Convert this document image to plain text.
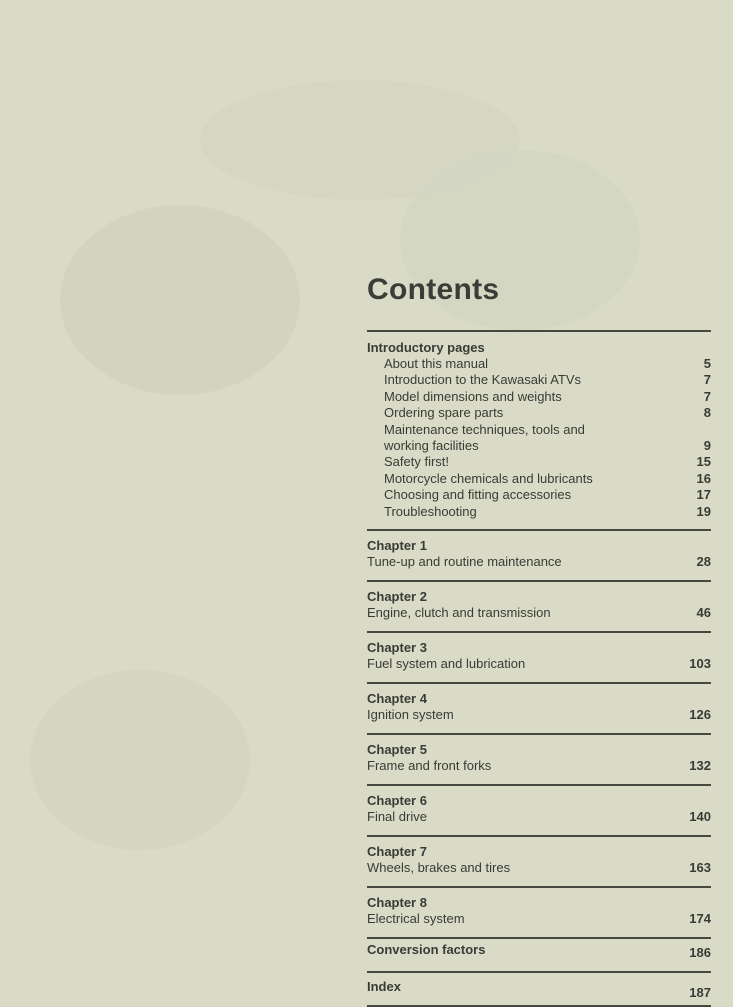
Contents
Introductory pages
About this manual	5
Introduction to the Kawasaki ATVs	7
Model dimensions and weights	7
Ordering spare parts	8
Maintenance techniques, tools and working facilities	9
Safety first!	15
Motorcycle chemicals and lubricants	16
Choosing and fitting accessories	17
Troubleshooting	19
Chapter 1
Tune-up and routine maintenance	28
Chapter 2
Engine, clutch and transmission	46
Chapter 3
Fuel system and lubrication	103
Chapter 4
Ignition system	126
Chapter 5
Frame and front forks	132
Chapter 6
Final drive	140
Chapter 7
Wheels, brakes and tires	163
Chapter 8
Electrical system	174
Conversion factors	186
Index	187
